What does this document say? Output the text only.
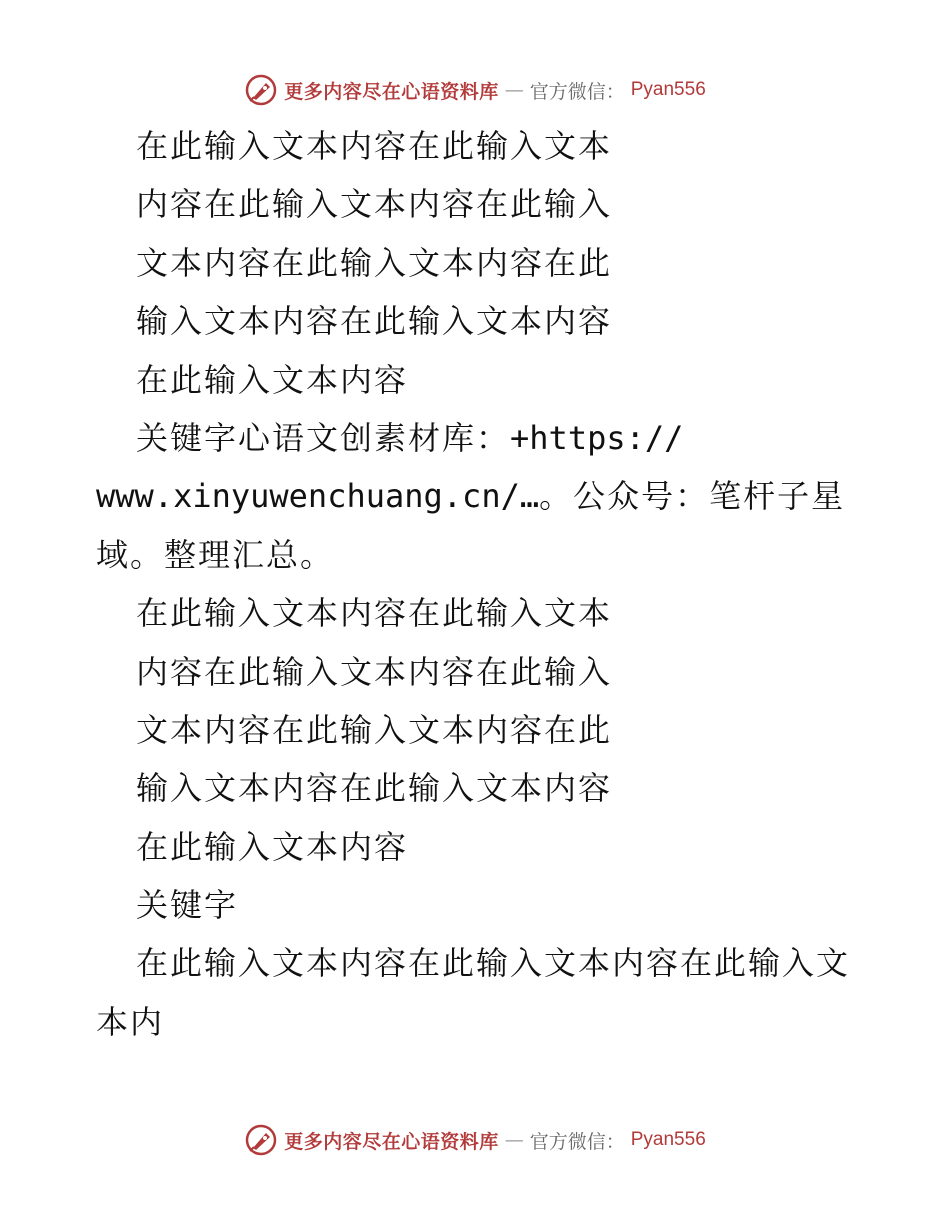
更多内容尽在心语资料库 — 官方微信： Pyan556
在此输入文本内容在此输入文本
内容在此输入文本内容在此输入
文本内容在此输入文本内容在此
输入文本内容在此输入文本内容
在此输入文本内容
关键字心语文创素材库：+https://
www.xinyuwenchuang.cn/…。公众号：笔杆子星
域。整理汇总。
在此输入文本内容在此输入文本
内容在此输入文本内容在此输入
文本内容在此输入文本内容在此
输入文本内容在此输入文本内容
在此输入文本内容
关键字
在此输入文本内容在此输入文本内容在此输入文
本内
更多内容尽在心语资料库 — 官方微信： Pyan556
